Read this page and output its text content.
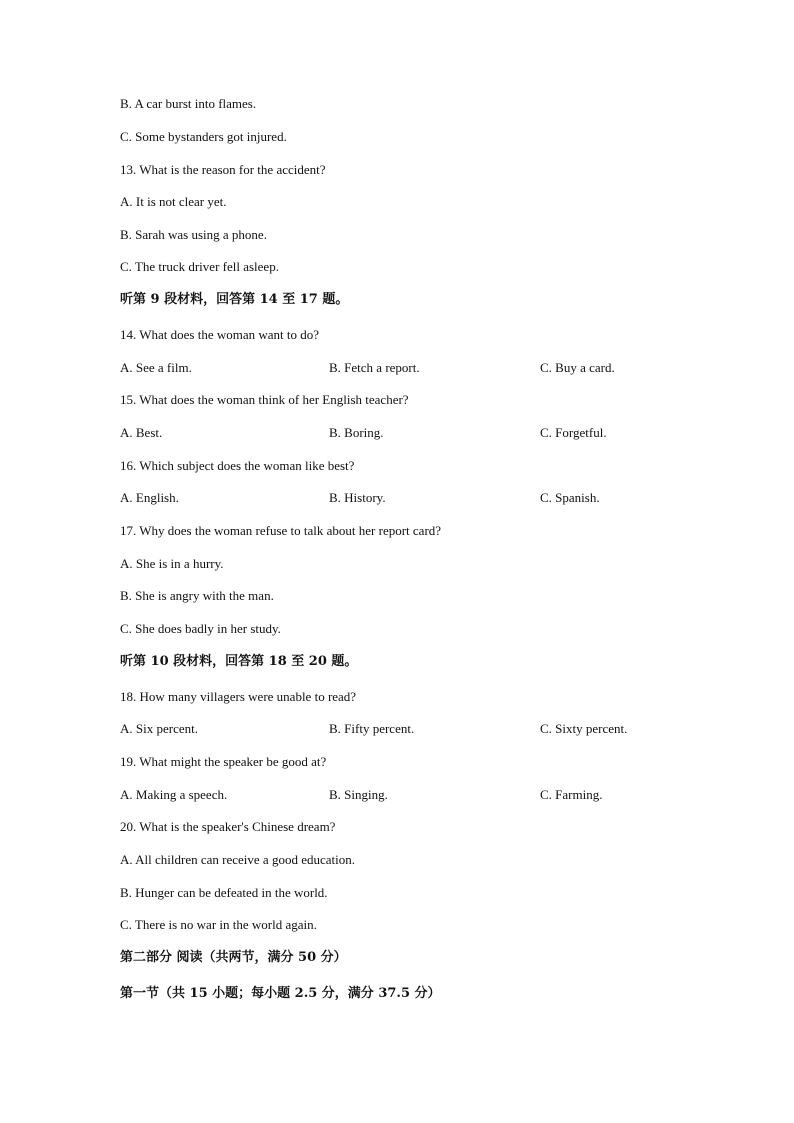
B. A car burst into flames.
C. Some bystanders got injured.
13. What is the reason for the accident?
A. It is not clear yet.
B. Sarah was using a phone.
C. The truck driver fell asleep.
听第 9 段材料，回答第 14 至 17 题。
14. What does the woman want to do?
A. See a film.	B. Fetch a report.	C. Buy a card.
15. What does the woman think of her English teacher?
A. Best.	B. Boring.	C. Forgetful.
16. Which subject does the woman like best?
A. English.	B. History.	C. Spanish.
17. Why does the woman refuse to talk about her report card?
A. She is in a hurry.
B. She is angry with the man.
C. She does badly in her study.
听第 10 段材料，回答第 18 至 20 题。
18. How many villagers were unable to read?
A. Six percent.	B. Fifty percent.	C. Sixty percent.
19. What might the speaker be good at?
A. Making a speech.	B. Singing.	C. Farming.
20. What is the speaker's Chinese dream?
A. All children can receive a good education.
B. Hunger can be defeated in the world.
C. There is no war in the world again.
第二部分 阅读（共两节，满分 50 分）
第一节（共 15 小题；每小题 2.5 分，满分 37.5 分）
